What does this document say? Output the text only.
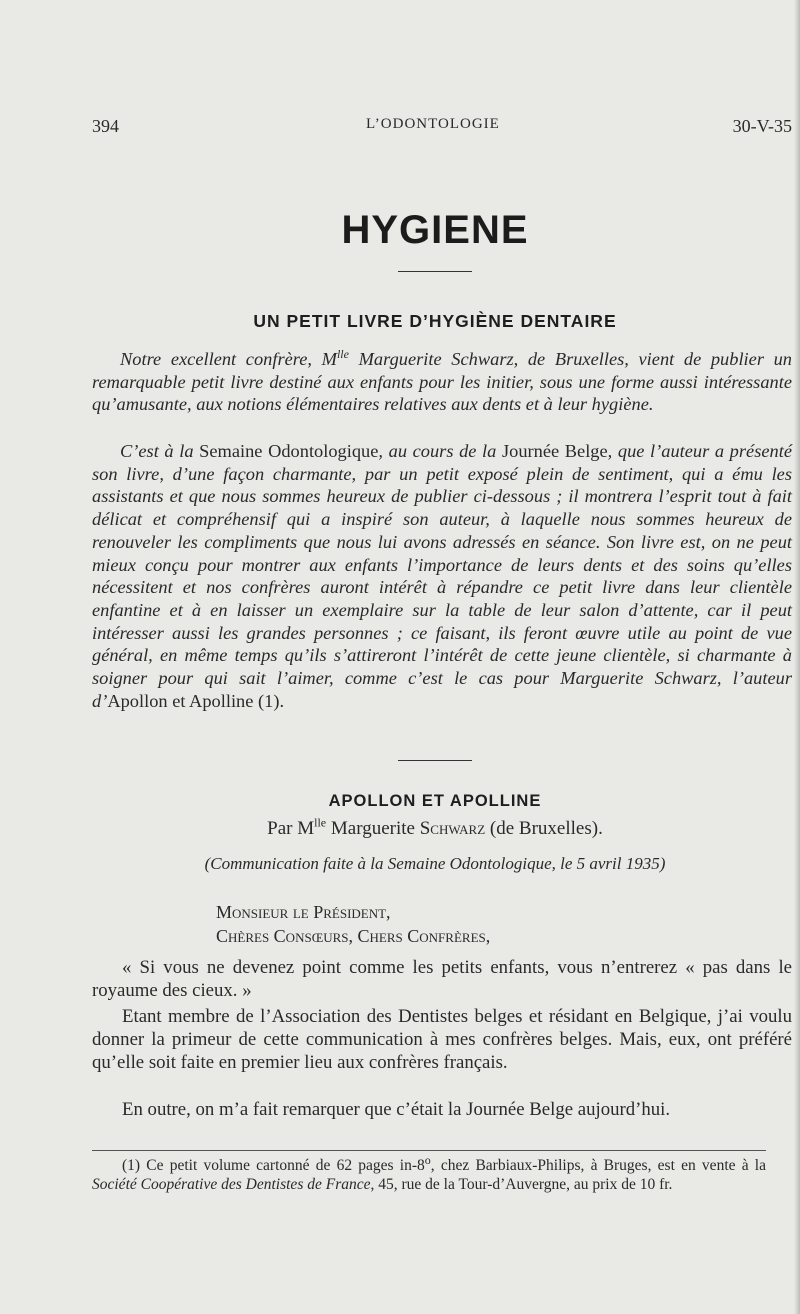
394	L’ODONTOLOGIE	30-V-35
HYGIENE
UN PETIT LIVRE D’HYGIÈNE DENTAIRE

Notre excellent confrère, $M^{lle}$ Marguerite Schwarz, de Bruxelles, vient de publier un remarquable petit livre destiné aux enfants pour les initier, sous une forme aussi intéressante qu’amusante, aux notions élémentaires relatives aux dents et à leur hygiène.

C’est à la Semaine Odontologique, au cours de la Journée Belge, que l’auteur a présenté son livre, d’une façon charmante, par un petit exposé plein de sentiment, qui a ému les assistants et que nous sommes heureux de publier ci-dessous ; il montrera l’esprit tout à fait délicat et compréhensif qui a inspiré son auteur, à laquelle nous sommes heureux de renouveler les compliments que nous lui avons adressés en séance. Son livre est, on ne peut mieux conçu pour montrer aux enfants l’importance de leurs dents et des soins qu’elles nécessitent et nos confrères auront intérêt à répandre ce petit livre dans leur clientèle enfantine et à en laisser un exemplaire sur la table de leur salon d’attente, car il peut intéresser aussi les grandes personnes ; ce faisant, ils feront œuvre utile au point de vue général, en même temps qu’ils s’attireront l’intérêt de cette jeune clientèle, si charmante à soigner pour qui sait l’aimer, comme c’est le cas pour Marguerite Schwarz, l’auteur d’Apollon et Apolline (1).

APOLLON ET APOLLINE
Par $M^{lle}$ Marguerite Schwarz (de Bruxelles).
(Communication faite à la Semaine Odontologique, le 5 avril 1935)
Monsieur le Président,
Chères Consœurs, Chers Confrères,

« Si vous ne devenez point comme les petits enfants, vous n’entrerez « pas dans le royaume des cieux. »

Etant membre de l’Association des Dentistes belges et résidant en Belgique, j’ai voulu donner la primeur de cette communication à mes confrères belges. Mais, eux, ont préféré qu’elle soit faite en premier lieu aux confrères français.

En outre, on m’a fait remarquer que c’était la Journée Belge aujourd’hui.

(1) Ce petit volume cartonné de 62 pages in-8$^o$, chez Barbiaux-Philips, à Bruges, est en vente à la Société Coopérative des Dentistes de France, 45, rue de la Tour-d’Auvergne, au prix de 10 fr.
